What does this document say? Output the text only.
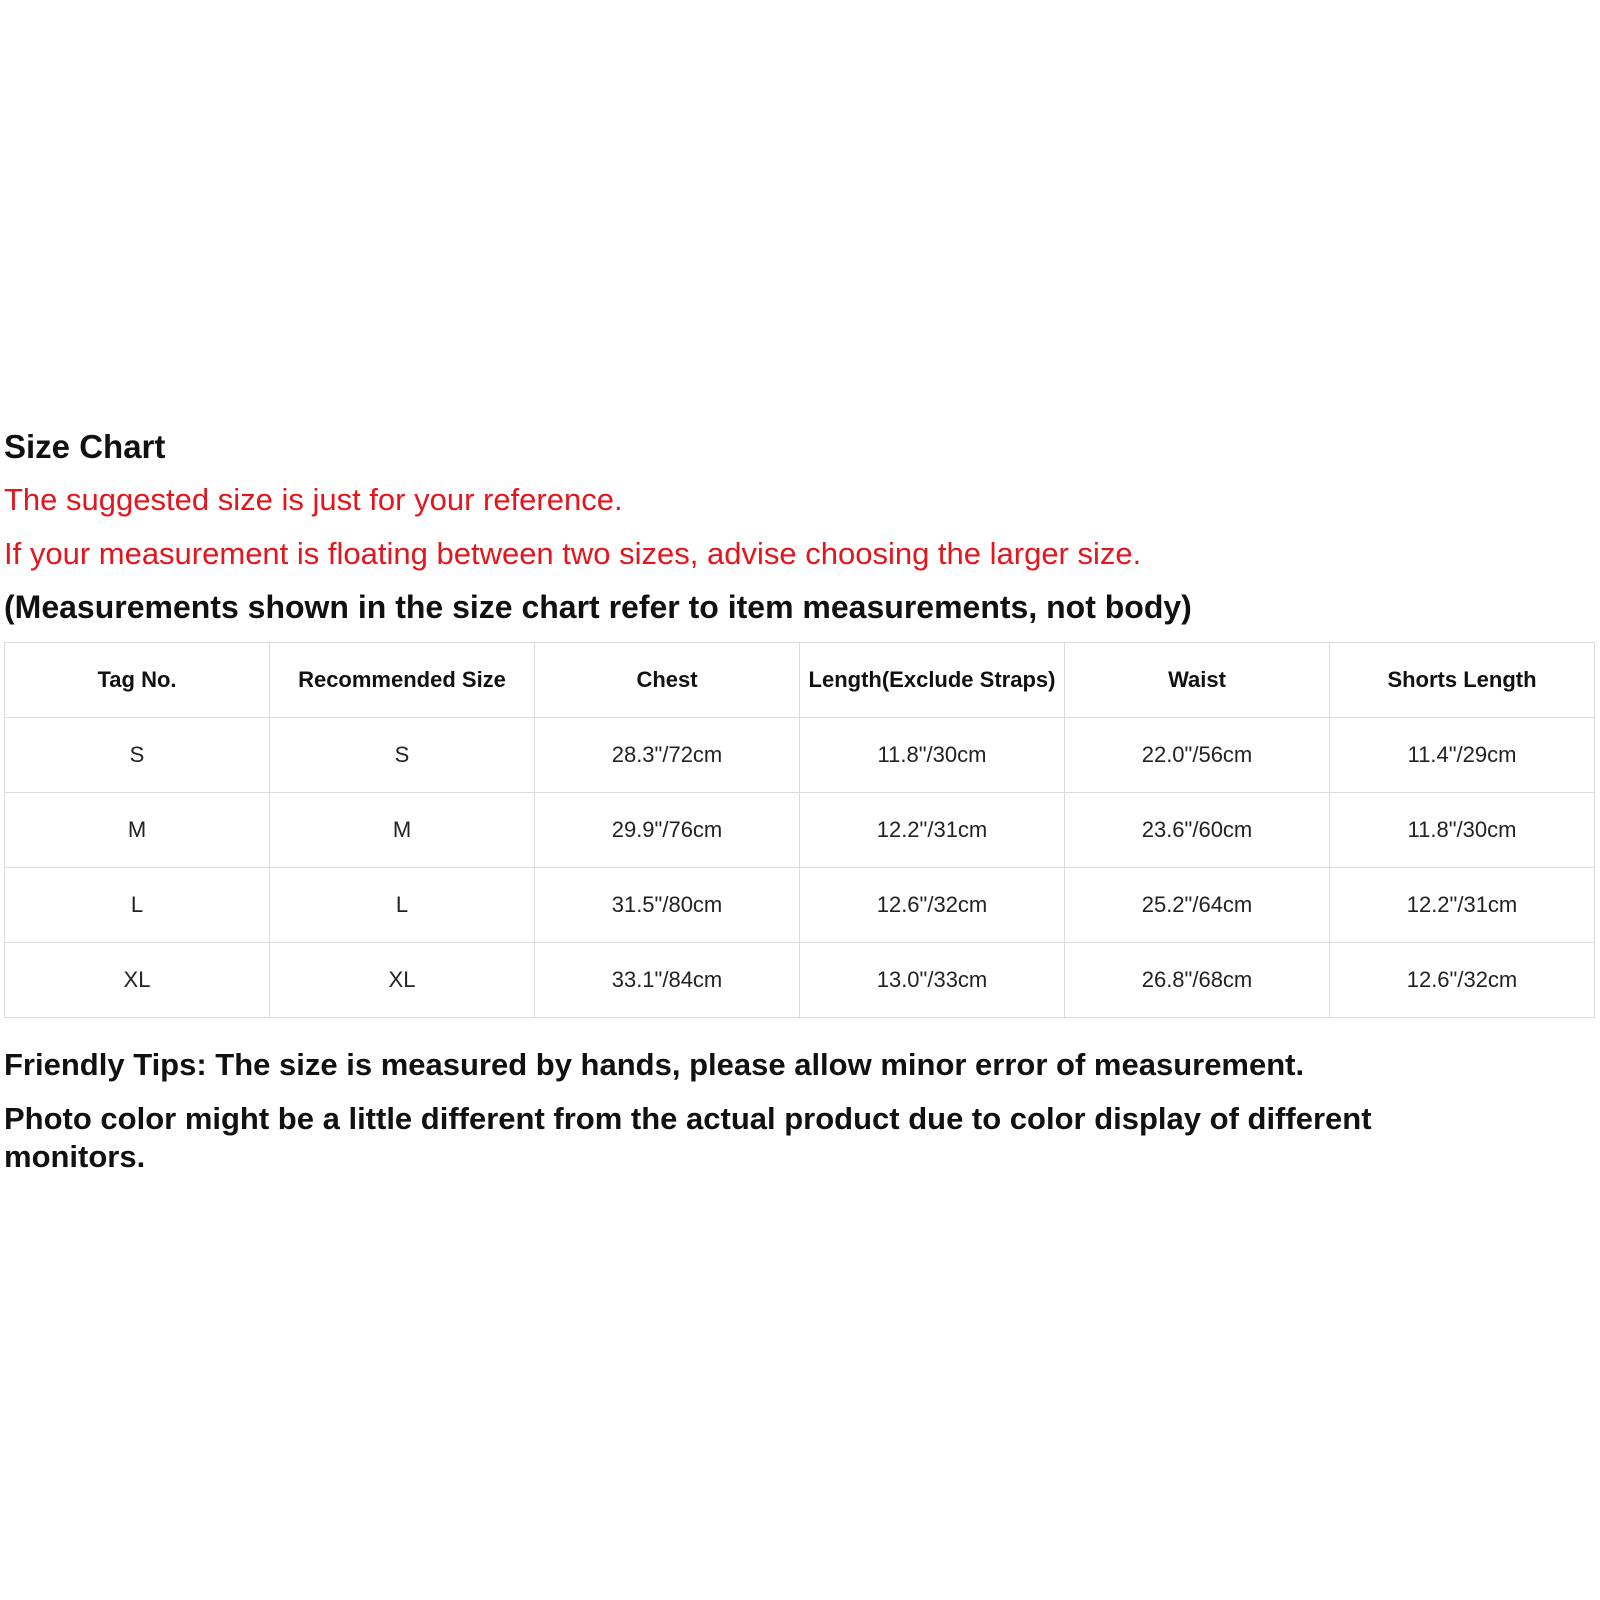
Size Chart
The suggested size is just for your reference.
If your measurement is floating between two sizes, advise choosing the larger size.
(Measurements shown in the size chart refer to item measurements, not body)
Tag No.	Recommended Size	Chest	Length(Exclude Straps)	Waist	Shorts Length
S	S	28.3"/72cm	11.8"/30cm	22.0"/56cm	11.4"/29cm
M	M	29.9"/76cm	12.2"/31cm	23.6"/60cm	11.8"/30cm
L	L	31.5"/80cm	12.6"/32cm	25.2"/64cm	12.2"/31cm
XL	XL	33.1"/84cm	13.0"/33cm	26.8"/68cm	12.6"/32cm
Friendly Tips: The size is measured by hands, please allow minor error of measurement.
Photo color might be a little different from the actual product due to color display of different monitors.
